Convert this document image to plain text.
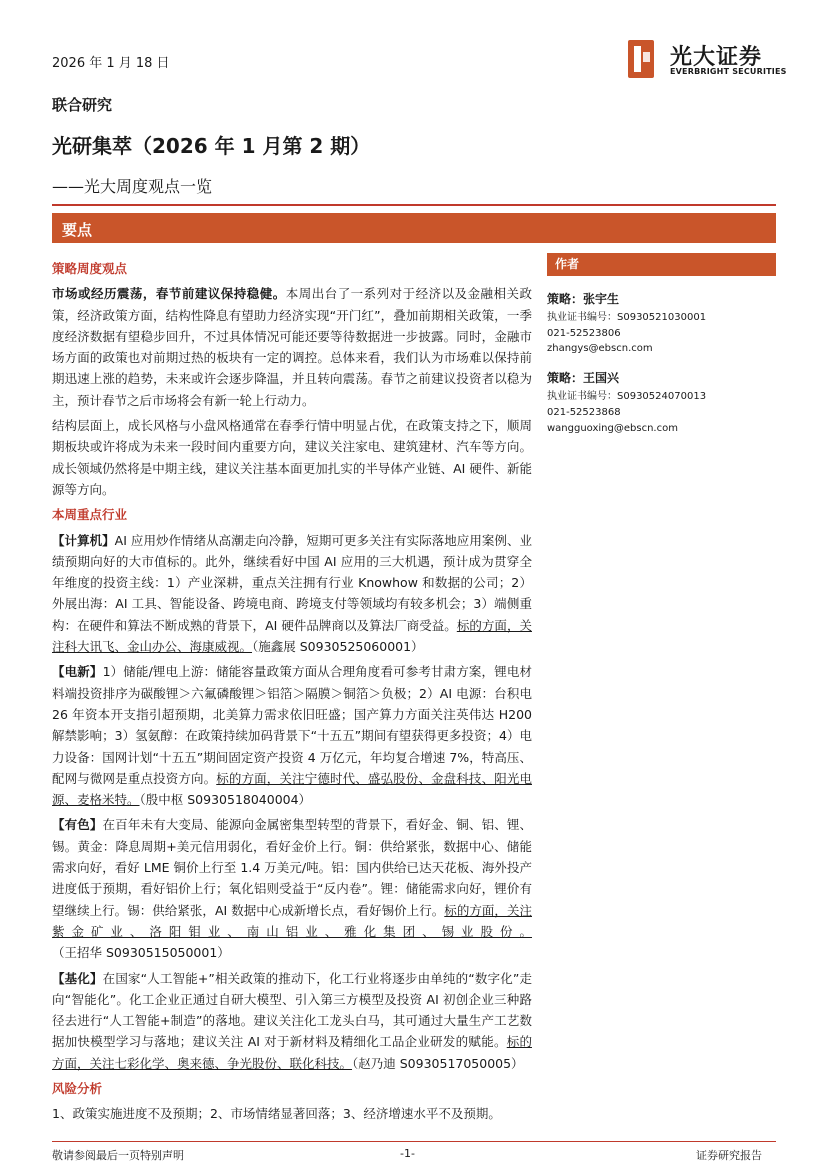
2026 年 1 月 18 日	光大证券
EVERBRIGHT SECURITIES
联合研究
光研集萃（2026 年 1 月第 2 期）
——光大周度观点一览
要点
策略周度观点

市场或经历震荡，春节前建议保持稳健。本周出台了一系列对于经济以及金融相关政策，经济政策方面，结构性降息有望助力经济实现“开门红”，叠加前期相关政策，一季度经济数据有望稳步回升，不过具体情况可能还要等待数据进一步披露。同时，金融市场方面的政策也对前期过热的板块有一定的调控。总体来看，我们认为市场难以保持前期迅速上涨的趋势，未来或许会逐步降温，并且转向震荡。春节之前建议投资者以稳为主，预计春节之后市场将会有新一轮上行动力。

结构层面上，成长风格与小盘风格通常在春季行情中明显占优，在政策支持之下，顺周期板块或许将成为未来一段时间内重要方向，建议关注家电、建筑建材、汽车等方向。成长领域仍然将是中期主线，建议关注基本面更加扎实的半导体产业链、AI 硬件、新能源等方向。

本周重点行业

【计算机】AI 应用炒作情绪从高潮走向冷静，短期可更多关注有实际落地应用案例、业绩预期向好的大市值标的。此外，继续看好中国 AI 应用的三大机遇，预计成为贯穿全年维度的投资主线：1）产业深耕，重点关注拥有行业 Knowhow 和数据的公司；2）外展出海：AI 工具、智能设备、跨境电商、跨境支付等领域均有较多机会；3）端侧重构：在硬件和算法不断成熟的背景下，AI 硬件品牌商以及算法厂商受益。标的方面，关注科大讯飞、金山办公、海康威视。（施鑫展 S0930525060001）

【电新】1）储能/锂电上游：储能容量政策方面从合理角度看可参考甘肃方案，锂电材料端投资排序为碳酸锂＞六氟磷酸锂＞铝箔＞隔膜＞铜箔＞负极；2）AI 电源：台积电 26 年资本开支指引超预期，北美算力需求依旧旺盛；国产算力方面关注英伟达 H200 解禁影响；3）氢氨醇：在政策持续加码背景下“十五五”期间有望获得更多投资；4）电力设备：国网计划“十五五”期间固定资产投资 4 万亿元，年均复合增速 7%，特高压、配网与微网是重点投资方向。标的方面，关注宁德时代、盛弘股份、金盘科技、阳光电源、麦格米特。（殷中枢 S0930518040004）

【有色】在百年未有大变局、能源向金属密集型转型的背景下，看好金、铜、铝、锂、锡。黄金：降息周期+美元信用弱化，看好金价上行。铜：供给紧张，数据中心、储能需求向好，看好 LME 铜价上行至 1.4 万美元/吨。铝：国内供给已达天花板、海外投产进度低于预期，看好铝价上行；氧化铝则受益于“反内卷”。锂：储能需求向好，锂价有望继续上行。锡：供给紧张，AI 数据中心成新增长点，看好锡价上行。标的方面，关注紫金矿业、洛阳钼业、南山铝业、雅化集团、锡业股份。（王招华 S0930515050001）

【基化】在国家“人工智能+”相关政策的推动下，化工行业将逐步由单纯的“数字化”走向“智能化”。化工企业正通过自研大模型、引入第三方模型及投资 AI 初创企业三种路径去进行“人工智能+制造”的落地。建议关注化工龙头白马，其可通过大量生产工艺数据加快模型学习与落地；建议关注 AI 对于新材料及精细化工品企业研发的赋能。标的方面，关注七彩化学、奥来德、争光股份、联化科技。（赵乃迪 S0930517050005）

风险分析

1、政策实施进度不及预期；2、市场情绪显著回落；3、经济增速水平不及预期。

作者
策略：张宇生
执业证书编号：S0930521030001
021-52523806
zhangys@ebscn.com
策略：王国兴
执业证书编号：S0930524070013
021-52523868
wangguoxing@ebscn.com
敬请参阅最后一页特别声明	-1-	证券研究报告
